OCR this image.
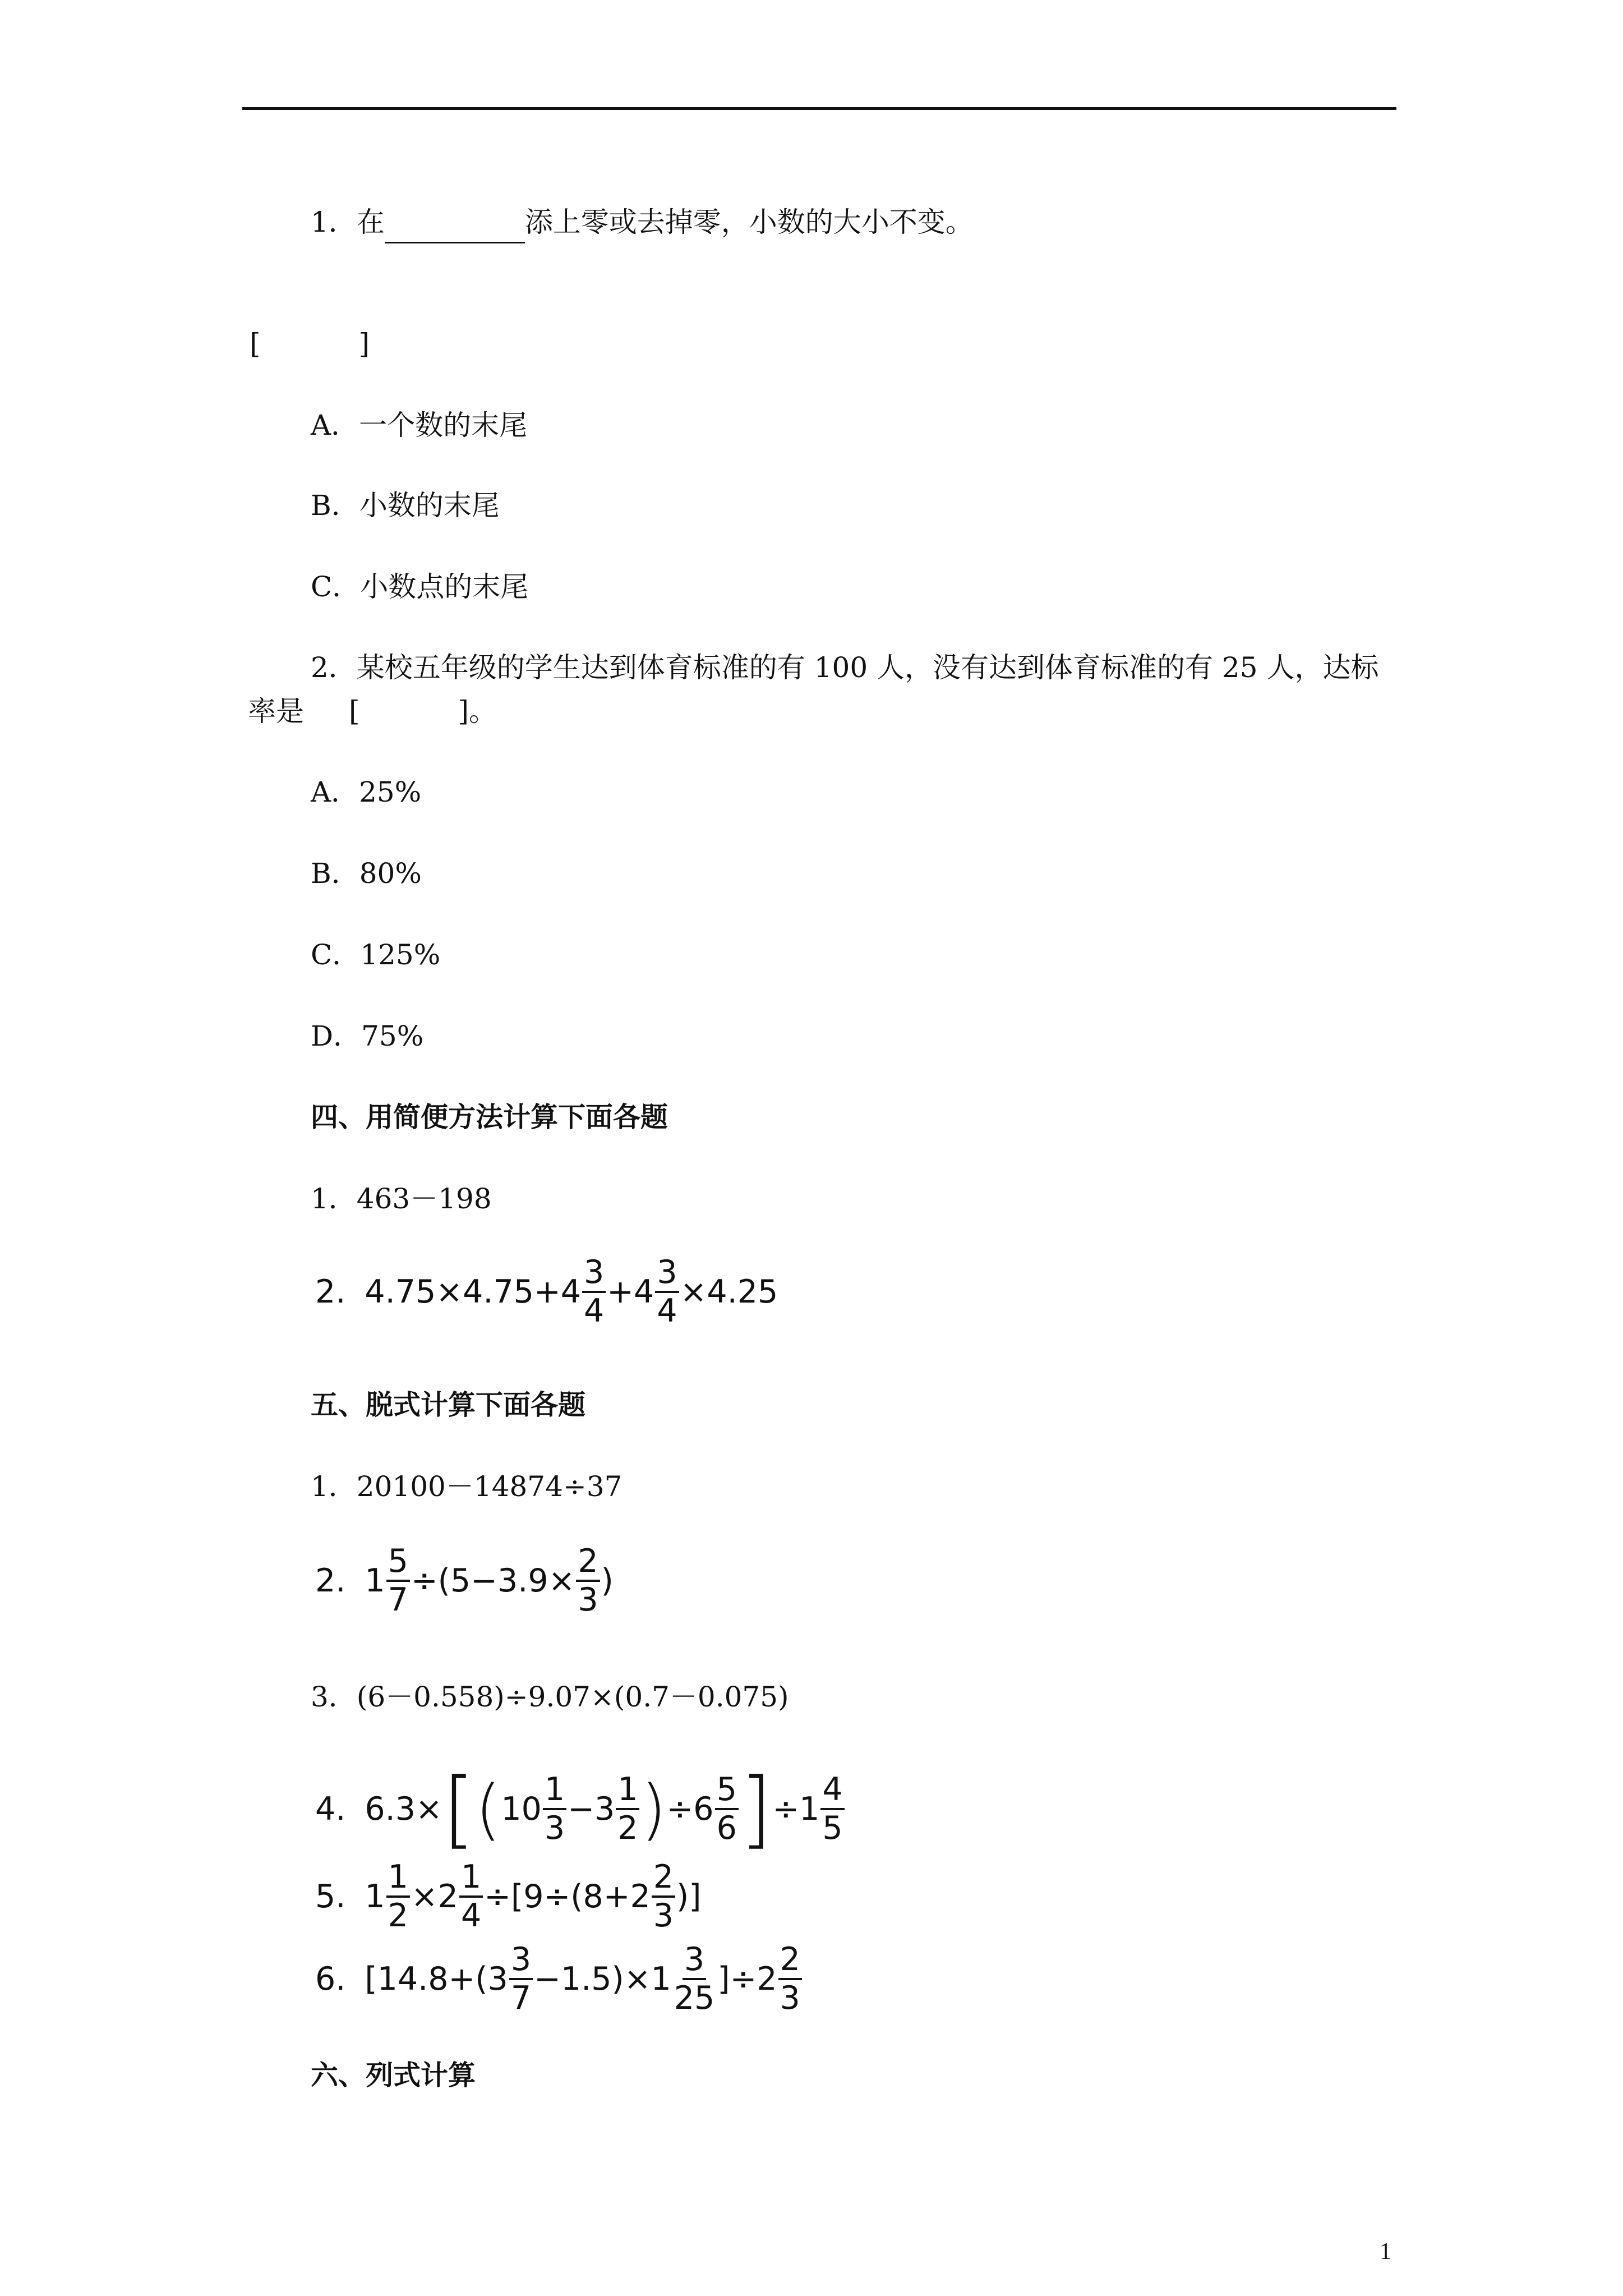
1．在	添上零或去掉零，小数的大小不变。
[	]
A．一个数的末尾
B．小数的末尾
C．小数点的末尾
2．某校五年级的学生达到体育标准的有 100 人，没有达到体育标准的有 25 人，达标
率是 [	]。
A．25%
B．80%
C．125%
D．75%
四、用简便方法计算下面各题
1．463－198
2. $4.75\times 4.75+4 \frac{3}{4} +4 \frac{3}{4} \times 4.25$
五、脱式计算下面各题
1．20100－14874÷37
2. $1 \frac{5}{7} \div(5-3.9\times \frac{2}{3}$ )
3．(6－0.558)÷9.07×(0.7－0.075)
4. 6.3× [ ( $10 \frac{1}{3} -3 \frac{1}{2}$ ) $\div 6 \frac{5}{6}$ ] $\div 1 \frac{4}{5}$
5. $1 \frac{1}{2} \times 2 \frac{1}{4} \div[9\div(8+2 \frac{2}{3}$ )]
6. $[14.8+(3 \frac{3}{7} -1.5)\times 1 \frac{3}{25} ]\div 2 \frac{2}{3}$
六、列式计算
1
